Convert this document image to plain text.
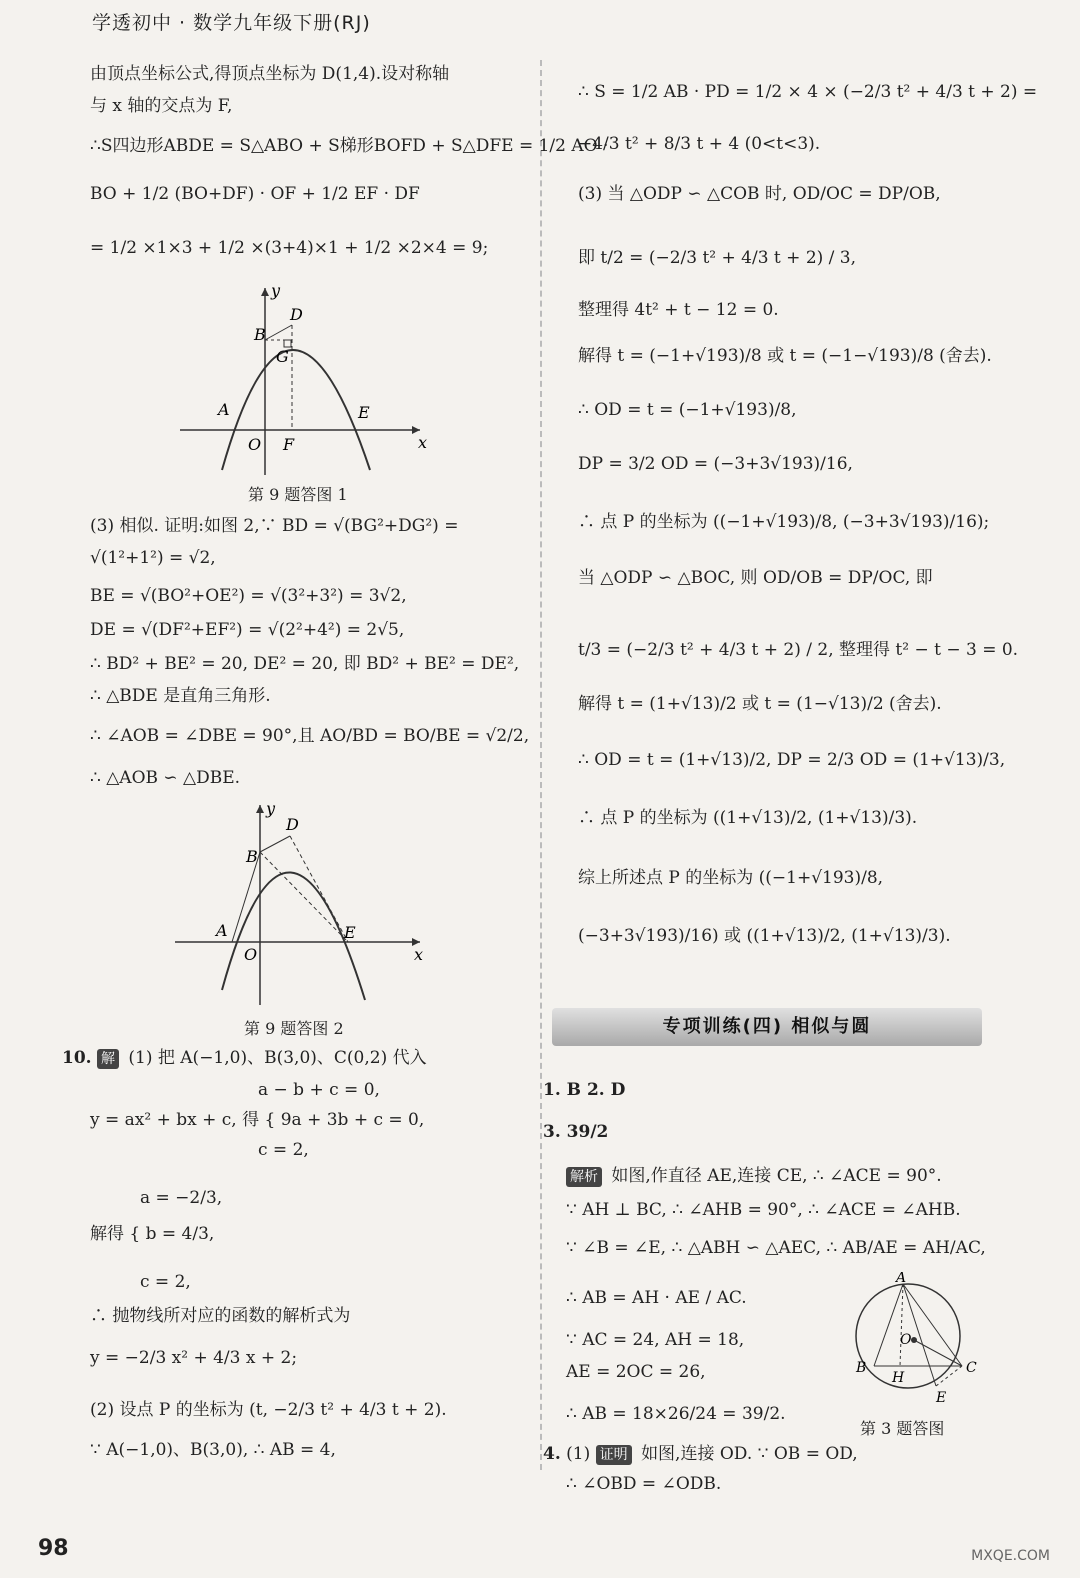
学透初中 · 数学九年级下册(RJ)
由顶点坐标公式,得顶点坐标为 D(1,4).设对称轴
与 x 轴的交点为 F,
∴S四边形ABDE = S△ABO + S梯形BOFD + S△DFE = 1/2 AO ·
BO + 1/2 (BO+DF) · OF + 1/2 EF · DF
= 1/2 ×1×3 + 1/2 ×(3+4)×1 + 1/2 ×2×4 = 9;
x
y
D
B
G
A
O F
E
第 9 题答图 1
(3) 相似. 证明:如图 2,∵ BD = √(BG²+DG²) =
√(1²+1²) = √2,
BE = √(BO²+OE²) = √(3²+3²) = 3√2,
DE = √(DF²+EF²) = √(2²+4²) = 2√5,
∴ BD² + BE² = 20, DE² = 20, 即 BD² + BE² = DE²,
∴ △BDE 是直角三角形.
∴ ∠AOB = ∠DBE = 90°,且 AO/BD = BO/BE = √2/2,
∴ △AOB ∽ △DBE.
x
y
D
B
A
O
E
第 9 题答图 2
10. 解 (1) 把 A(−1,0)、B(3,0)、C(0,2) 代入
a − b + c = 0,
y = ax² + bx + c, 得 { 9a + 3b + c = 0,
c = 2,
a = −2/3,
解得 { b = 4/3,
c = 2,
∴ 抛物线所对应的函数的解析式为
y = −2/3 x² + 4/3 x + 2;
(2) 设点 P 的坐标为 (t, −2/3 t² + 4/3 t + 2).
∵ A(−1,0)、B(3,0), ∴ AB = 4,
∴ S = 1/2 AB · PD = 1/2 × 4 × (−2/3 t² + 4/3 t + 2) =
−4/3 t² + 8/3 t + 4 (0<t<3).
(3) 当 △ODP ∽ △COB 时, OD/OC = DP/OB,
即 t/2 = (−2/3 t² + 4/3 t + 2) / 3,
整理得 4t² + t − 12 = 0.
解得 t = (−1+√193)/8 或 t = (−1−√193)/8 (舍去).
∴ OD = t = (−1+√193)/8,
DP = 3/2 OD = (−3+3√193)/16,
∴ 点 P 的坐标为 ((−1+√193)/8, (−3+3√193)/16);
当 △ODP ∽ △BOC, 则 OD/OB = DP/OC, 即
t/3 = (−2/3 t² + 4/3 t + 2) / 2, 整理得 t² − t − 3 = 0.
解得 t = (1+√13)/2 或 t = (1−√13)/2 (舍去).
∴ OD = t = (1+√13)/2, DP = 2/3 OD = (1+√13)/3,
∴ 点 P 的坐标为 ((1+√13)/2, (1+√13)/3).
综上所述点 P 的坐标为 ((−1+√193)/8,
(−3+3√193)/16) 或 ((1+√13)/2, (1+√13)/3).
专项训练(四) 相似与圆
1. B 2. D
3. 39/2
解析 如图,作直径 AE,连接 CE, ∴ ∠ACE = 90°.
∵ AH ⊥ BC, ∴ ∠AHB = 90°, ∴ ∠ACE = ∠AHB.
∵ ∠B = ∠E, ∴ △ABH ∽ △AEC, ∴ AB/AE = AH/AC,
∴ AB = AH · AE / AC.
∵ AC = 24, AH = 18,
AE = 2OC = 26,
∴ AB = 18×26/24 = 39/2.
A
O
B
H
C
E
第 3 题答图
4. (1) 证明 如图,连接 OD. ∵ OB = OD,
∴ ∠OBD = ∠ODB.
98	MXQE.COM
